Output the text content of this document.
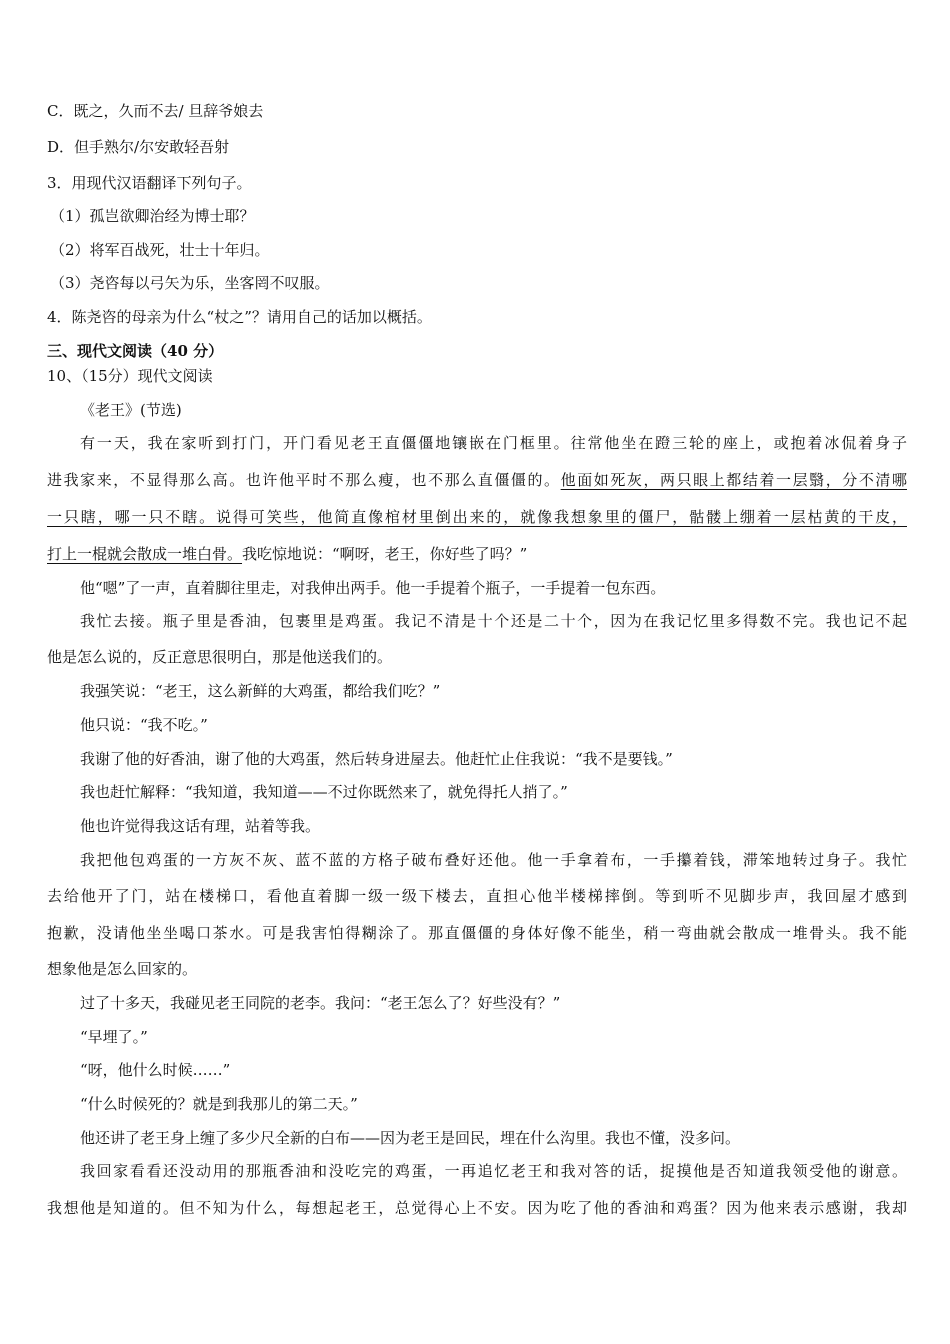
C．既之，久而不去/ 旦辞爷娘去

D．但手熟尔/尔安敢轻吾射

3．用现代汉语翻译下列句子。

（1）孤岂欲卿治经为博士耶？

（2）将军百战死，壮士十年归。

（3）尧咨每以弓矢为乐，坐客罔不叹服。

4．陈尧咨的母亲为什么“杖之”？请用自己的话加以概括。

三、现代文阅读（40 分）

10、（15分）现代文阅读

《老王》(节选)

有一天，我在家听到打门，开门看见老王直僵僵地镶嵌在门框里。往常他坐在蹬三轮的座上，或抱着冰侃着身子

进我家来，不显得那么高。也许他平时不那么瘦，也不那么直僵僵的。他面如死灰，两只眼上都结着一层翳，分不清哪

一只瞎，哪一只不瞎。说得可笑些，他简直像棺材里倒出来的，就像我想象里的僵尸，骷髅上绷着一层枯黄的干皮，

打上一棍就会散成一堆白骨。我吃惊地说：“啊呀，老王，你好些了吗？”

他“嗯”了一声，直着脚往里走，对我伸出两手。他一手提着个瓶子，一手提着一包东西。

我忙去接。瓶子里是香油，包裹里是鸡蛋。我记不清是十个还是二十个，因为在我记忆里多得数不完。我也记不起

他是怎么说的，反正意思很明白，那是他送我们的。

我强笑说：“老王，这么新鲜的大鸡蛋，都给我们吃？”

他只说：“我不吃。”

我谢了他的好香油，谢了他的大鸡蛋，然后转身进屋去。他赶忙止住我说：“我不是要钱。”

我也赶忙解释：“我知道，我知道——不过你既然来了，就免得托人捎了。”

他也许觉得我这话有理，站着等我。

我把他包鸡蛋的一方灰不灰、蓝不蓝的方格子破布叠好还他。他一手拿着布，一手攥着钱，滞笨地转过身子。我忙

去给他开了门，站在楼梯口，看他直着脚一级一级下楼去，直担心他半楼梯摔倒。等到听不见脚步声，我回屋才感到

抱歉，没请他坐坐喝口茶水。可是我害怕得糊涂了。那直僵僵的身体好像不能坐，稍一弯曲就会散成一堆骨头。我不能

想象他是怎么回家的。

过了十多天，我碰见老王同院的老李。我问：“老王怎么了？好些没有？”

“早埋了。”

“呀，他什么时候……”

“什么时候死的？就是到我那儿的第二天。”

他还讲了老王身上缠了多少尺全新的白布——因为老王是回民，埋在什么沟里。我也不懂，没多问。

我回家看看还没动用的那瓶香油和没吃完的鸡蛋，一再追忆老王和我对答的话，捉摸他是否知道我领受他的谢意。

我想他是知道的。但不知为什么，每想起老王，总觉得心上不安。因为吃了他的香油和鸡蛋？因为他来表示感谢，我却
